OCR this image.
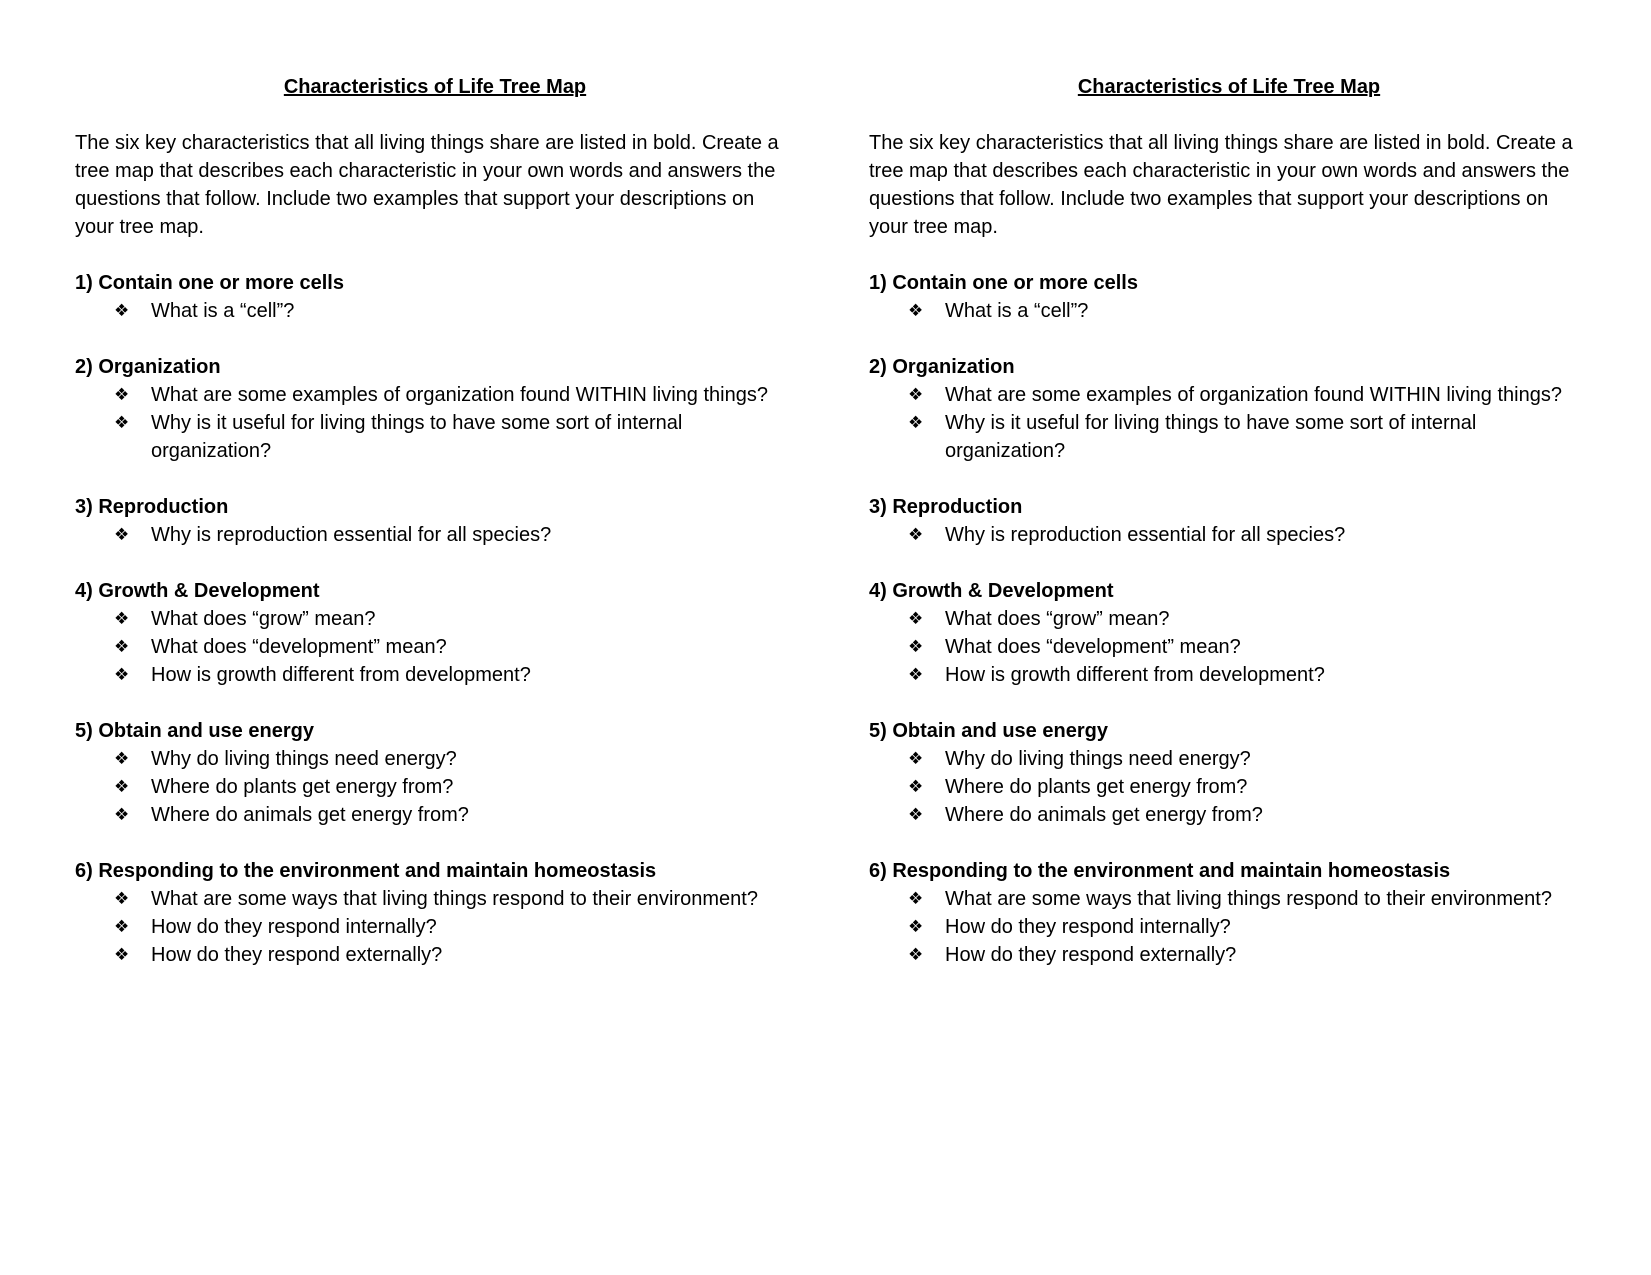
Characteristics of Life Tree Map

The six key characteristics that all living things share are listed in bold. Create a tree map that describes each characteristic in your own words and answers the questions that follow. Include two examples that support your descriptions on your tree map.

1) Contain one or more cells

❖ What is a “cell”?

2) Organization

❖ What are some examples of organization found WITHIN living things?
❖ Why is it useful for living things to have some sort of internal organization?

3) Reproduction

❖ Why is reproduction essential for all species?

4) Growth & Development

❖ What does “grow” mean?
❖ What does “development” mean?
❖ How is growth different from development?

5) Obtain and use energy

❖ Why do living things need energy?
❖ Where do plants get energy from?
❖ Where do animals get energy from?

6) Responding to the environment and maintain homeostasis

❖ What are some ways that living things respond to their environment?
❖ How do they respond internally?
❖ How do they respond externally?
Characteristics of Life Tree Map

The six key characteristics that all living things share are listed in bold. Create a tree map that describes each characteristic in your own words and answers the questions that follow. Include two examples that support your descriptions on your tree map.

1) Contain one or more cells

❖ What is a “cell”?

2) Organization

❖ What are some examples of organization found WITHIN living things?
❖ Why is it useful for living things to have some sort of internal organization?

3) Reproduction

❖ Why is reproduction essential for all species?

4) Growth & Development

❖ What does “grow” mean?
❖ What does “development” mean?
❖ How is growth different from development?

5) Obtain and use energy

❖ Why do living things need energy?
❖ Where do plants get energy from?
❖ Where do animals get energy from?

6) Responding to the environment and maintain homeostasis

❖ What are some ways that living things respond to their environment?
❖ How do they respond internally?
❖ How do they respond externally?
